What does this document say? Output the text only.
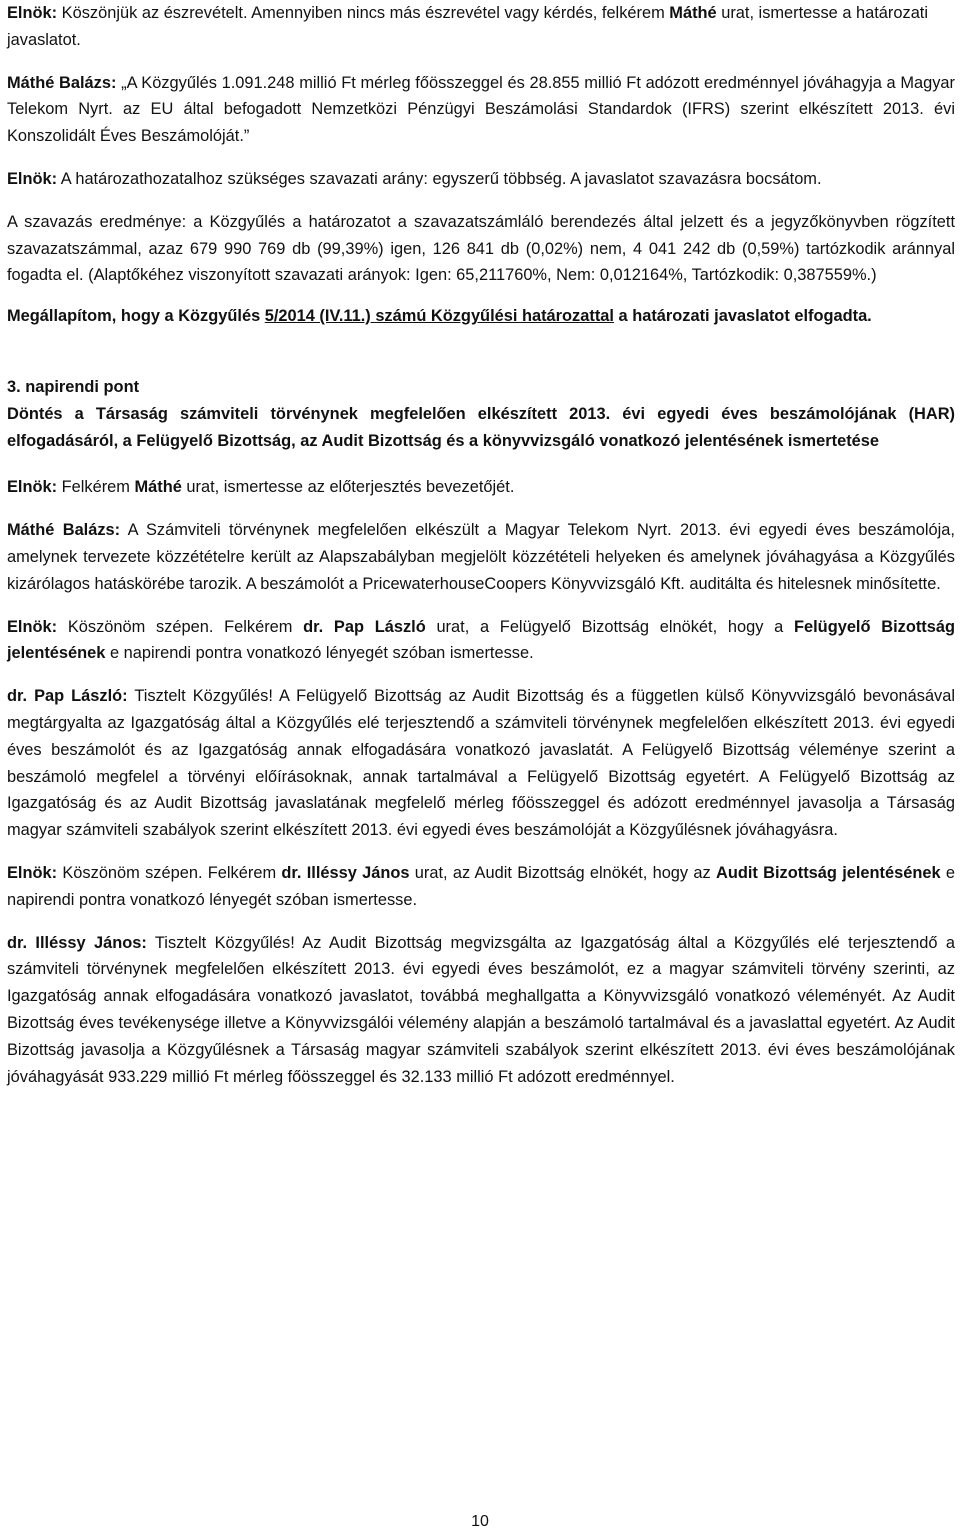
Elnök: Köszönjük az észrevételt. Amennyiben nincs más észrevétel vagy kérdés, felkérem Máthé urat, ismertesse a határozati javaslatot.

Máthé Balázs: „A Közgyűlés 1.091.248 millió Ft mérleg főösszeggel és 28.855 millió Ft adózott eredménnyel jóváhagyja a Magyar Telekom Nyrt. az EU által befogadott Nemzetközi Pénzügyi Beszámolási Standardok (IFRS) szerint elkészített 2013. évi Konszolidált Éves Beszámolóját.”

Elnök: A határozathozatalhoz szükséges szavazati arány: egyszerű többség. A javaslatot szavazásra bocsátom.

A szavazás eredménye: a Közgyűlés a határozatot a szavazatszámláló berendezés által jelzett és a jegyzőkönyvben rögzített szavazatszámmal, azaz 679 990 769 db (99,39%) igen, 126 841 db (0,02%) nem, 4 041 242 db (0,59%) tartózkodik aránnyal fogadta el. (Alaptőkéhez viszonyított szavazati arányok: Igen: 65,211760%, Nem: 0,012164%, Tartózkodik: 0,387559%.)

Megállapítom, hogy a Közgyűlés 5/2014 (IV.11.) számú Közgyűlési határozattal a határozati javaslatot elfogadta.

3. napirendi pont

Döntés a Társaság számviteli törvénynek megfelelően elkészített 2013. évi egyedi éves beszámolójának (HAR) elfogadásáról, a Felügyelő Bizottság, az Audit Bizottság és a könyvvizsgáló vonatkozó jelentésének ismertetése

Elnök: Felkérem Máthé urat, ismertesse az előterjesztés bevezetőjét.

Máthé Balázs: A Számviteli törvénynek megfelelően elkészült a Magyar Telekom Nyrt. 2013. évi egyedi éves beszámolója, amelynek tervezete közzétételre került az Alapszabályban megjelölt közzétételi helyeken és amelynek jóváhagyása a Közgyűlés kizárólagos hatáskörébe tarozik. A beszámolót a PricewaterhouseCoopers Könyvvizsgáló Kft. auditálta és hitelesnek minősítette.

Elnök: Köszönöm szépen. Felkérem dr. Pap László urat, a Felügyelő Bizottság elnökét, hogy a Felügyelő Bizottság jelentésének e napirendi pontra vonatkozó lényegét szóban ismertesse.

dr. Pap László: Tisztelt Közgyűlés! A Felügyelő Bizottság az Audit Bizottság és a független külső Könyvvizsgáló bevonásával megtárgyalta az Igazgatóság által a Közgyűlés elé terjesztendő a számviteli törvénynek megfelelően elkészített 2013. évi egyedi éves beszámolót és az Igazgatóság annak elfogadására vonatkozó javaslatát. A Felügyelő Bizottság véleménye szerint a beszámoló megfelel a törvényi előírásoknak, annak tartalmával a Felügyelő Bizottság egyetért. A Felügyelő Bizottság az Igazgatóság és az Audit Bizottság javaslatának megfelelő mérleg főösszeggel és adózott eredménnyel javasolja a Társaság magyar számviteli szabályok szerint elkészített 2013. évi egyedi éves beszámolóját a Közgyűlésnek jóváhagyásra.

Elnök: Köszönöm szépen. Felkérem dr. Illéssy János urat, az Audit Bizottság elnökét, hogy az Audit Bizottság jelentésének e napirendi pontra vonatkozó lényegét szóban ismertesse.

dr. Illéssy János: Tisztelt Közgyűlés! Az Audit Bizottság megvizsgálta az Igazgatóság által a Közgyűlés elé terjesztendő a számviteli törvénynek megfelelően elkészített 2013. évi egyedi éves beszámolót, ez a magyar számviteli törvény szerinti, az Igazgatóság annak elfogadására vonatkozó javaslatot, továbbá meghallgatta a Könyvvizsgáló vonatkozó véleményét. Az Audit Bizottság éves tevékenysége illetve a Könyvvizsgálói vélemény alapján a beszámoló tartalmával és a javaslattal egyetért. Az Audit Bizottság javasolja a Közgyűlésnek a Társaság magyar számviteli szabályok szerint elkészített 2013. évi éves beszámolójának jóváhagyását 933.229 millió Ft mérleg főösszeggel és 32.133 millió Ft adózott eredménnyel.

10
